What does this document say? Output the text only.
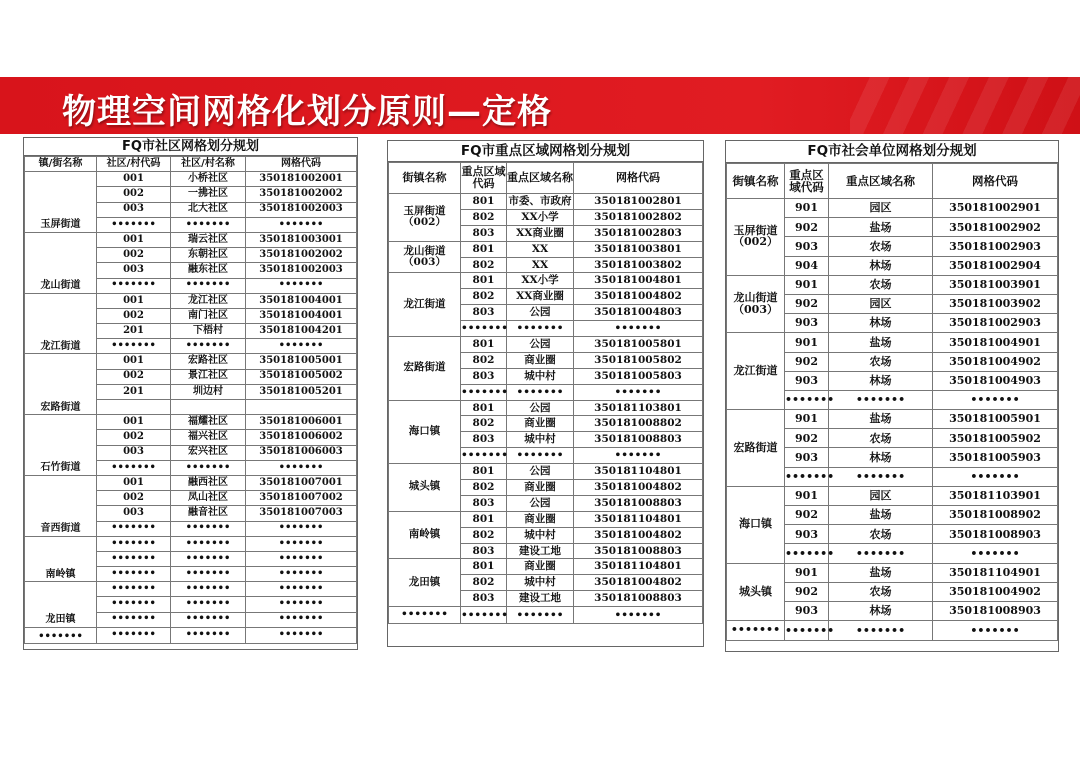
物理空间网格化划分原则—定格
FQ市社区网格划分规划
镇/街名称	社区/村代码	社区/村名称	网格代码
玉屏街道	001	小桥社区	350181002001
	002	一拂社区	350181002002
	003	北大社区	350181002003
	•••••••	•••••••	•••••••
龙山街道	001	瑞云社区	350181003001
	002	东朝社区	350181002002
	003	融东社区	350181002003
	•••••••	•••••••	•••••••
龙江街道	001	龙江社区	350181004001
	002	南门社区	350181004001
	201	下梧村	350181004201
	•••••••	•••••••	•••••••
宏路街道	001	宏路社区	350181005001
	002	景江社区	350181005002
	201	圳边村	350181005201

石竹街道	001	福耀社区	350181006001
	002	福兴社区	350181006002
	003	宏兴社区	350181006003
	•••••••	•••••••	•••••••
音西街道	001	融西社区	350181007001
	002	凤山社区	350181007002
	003	融音社区	350181007003
	•••••••	•••••••	•••••••
南岭镇	•••••••	•••••••	•••••••
	•••••••	•••••••	•••••••
	•••••••	•••••••	•••••••
龙田镇	•••••••	•••••••	•••••••
	•••••••	•••••••	•••••••
	•••••••	•••••••	•••••••
•••••••	•••••••	•••••••	•••••••
FQ市重点区域网格划分规划
街镇名称	重点区域代码	重点区域名称	网格代码
玉屏街道 （002）	801	市委、市政府	350181002801
	802	XX小学	350181002802
	803	XX商业圈	350181002803
龙山街道 （003）	801	XX	350181003801
	802	XX	350181003802
龙江街道	801	XX小学	350181004801
	802	XX商业圈	350181004802
	803	公园	350181004803
	•••••••	•••••••	•••••••
宏路街道	801	公园	350181005801
	802	商业圈	350181005802
	803	城中村	350181005803
	•••••••	•••••••	•••••••
海口镇	801	公园	350181103801
	802	商业圈	350181008802
	803	城中村	350181008803
	•••••••	•••••••	•••••••
城头镇	801	公园	350181104801
	802	商业圈	350181004802
	803	公园	350181008803
南岭镇	801	商业圈	350181104801
	802	城中村	350181004802
	803	建设工地	350181008803
龙田镇	801	商业圈	350181104801
	802	城中村	350181004802
	803	建设工地	350181008803
•••••••	•••••••	•••••••	•••••••
FQ市社会单位网格划分规划
街镇名称	重点区域代码	重点区域名称	网格代码
玉屏街道 （002）	901	园区	350181002901
	902	盐场	350181002902
	903	农场	350181002903
	904	林场	350181002904
龙山街道 （003）	901	农场	350181003901
	902	园区	350181003902
	903	林场	350181002903
龙江街道	901	盐场	350181004901
	902	农场	350181004902
	903	林场	350181004903
	•••••••	•••••••	•••••••
宏路街道	901	盐场	350181005901
	902	农场	350181005902
	903	林场	350181005903
	•••••••	•••••••	•••••••
海口镇	901	园区	350181103901
	902	盐场	350181008902
	903	农场	350181008903
	•••••••	•••••••	•••••••
城头镇	901	盐场	350181104901
	902	农场	350181004902
	903	林场	350181008903
•••••••	•••••••	•••••••	•••••••
